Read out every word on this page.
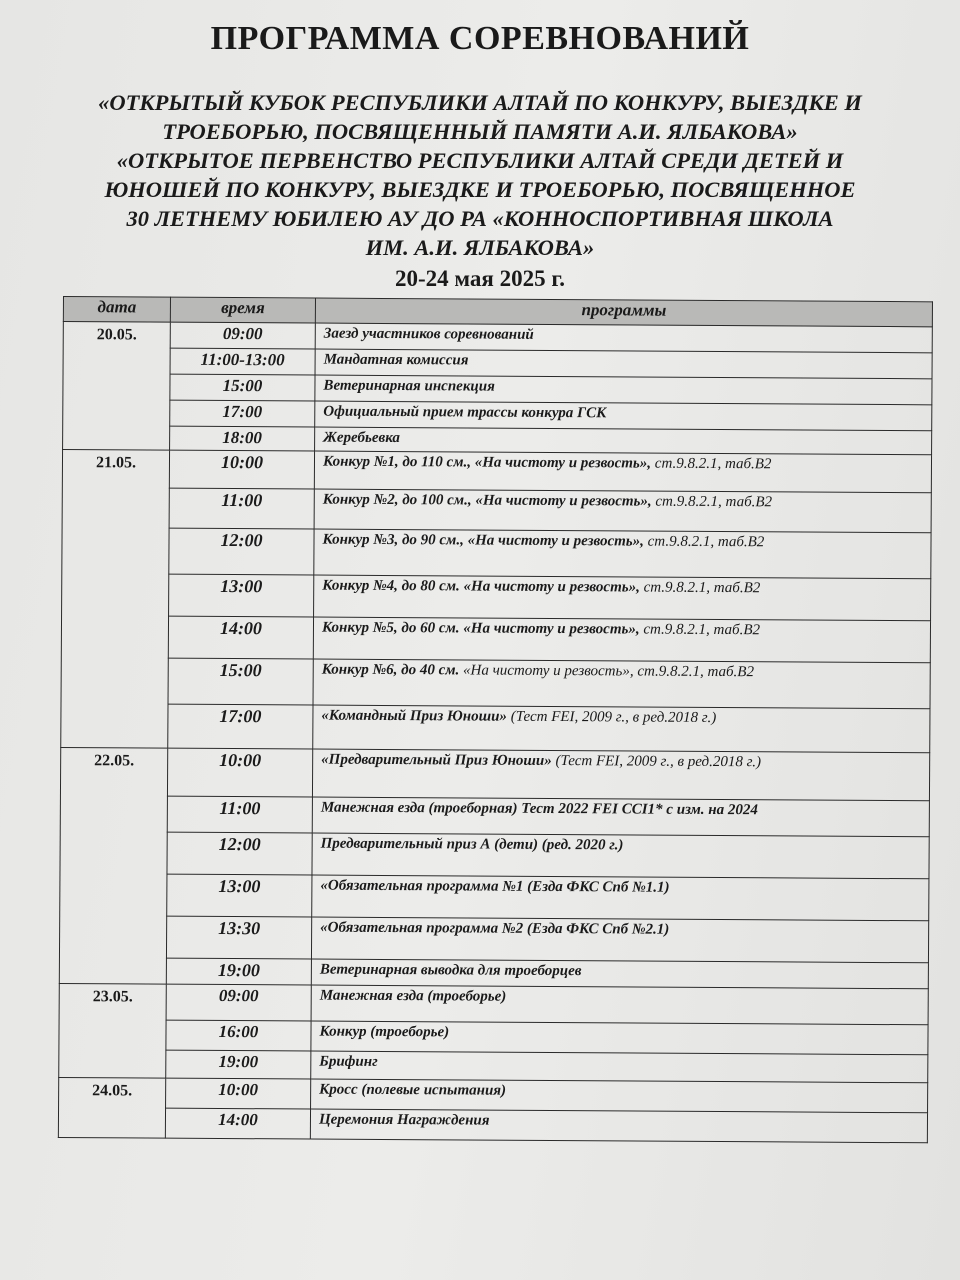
ПРОГРАММА СОРЕВНОВАНИЙ
«ОТКРЫТЫЙ КУБОК РЕСПУБЛИКИ АЛТАЙ ПО КОНКУРУ, ВЫЕЗДКЕ И
ТРОЕБОРЬЮ, ПОСВЯЩЕННЫЙ ПАМЯТИ А.И. ЯЛБАКОВА»
«ОТКРЫТОЕ ПЕРВЕНСТВО РЕСПУБЛИКИ АЛТАЙ СРЕДИ ДЕТЕЙ И
ЮНОШЕЙ ПО КОНКУРУ, ВЫЕЗДКЕ И ТРОЕБОРЬЮ, ПОСВЯЩЕННОЕ
30 ЛЕТНЕМУ ЮБИЛЕЮ АУ ДО РА «КОННОСПОРТИВНАЯ ШКОЛА
ИМ. А.И. ЯЛБАКОВА»
20-24 мая 2025 г.
дата	время	программы
20.05.	09:00	Заезд участников соревнований
	11:00-13:00	Мандатная комиссия
	15:00	Ветеринарная инспекция
	17:00	Официальный прием трассы конкура ГСК
	18:00	Жеребьевка
21.05.	10:00	Конкур №1, до 110 см., «На чистоту и резвость», ст.9.8.2.1, таб.В2
	11:00	Конкур №2, до 100 см., «На чистоту и резвость», ст.9.8.2.1, таб.В2
	12:00	Конкур №3, до 90 см., «На чистоту и резвость», ст.9.8.2.1, таб.В2
	13:00	Конкур №4, до 80 см. «На чистоту и резвость», ст.9.8.2.1, таб.В2
	14:00	Конкур №5, до 60 см. «На чистоту и резвость», ст.9.8.2.1, таб.В2
	15:00	Конкур №6, до 40 см. «На чистоту и резвость», ст.9.8.2.1, таб.В2
	17:00	«Командный Приз Юноши» (Тест FEI, 2009 г., в ред.2018 г.)
22.05.	10:00	«Предварительный Приз Юноши» (Тест FEI, 2009 г., в ред.2018 г.)
	11:00	Манежная езда (троеборная) Тест 2022 FEI CCI1* с изм. на 2024
	12:00	Предварительный приз А (дети) (ред. 2020 г.)
	13:00	«Обязательная программа №1 (Езда ФКС Спб №1.1)
	13:30	«Обязательная программа №2 (Езда ФКС Спб №2.1)
	19:00	Ветеринарная выводка для троеборцев
23.05.	09:00	Манежная езда (троеборье)
	16:00	Конкур (троеборье)
	19:00	Брифинг
24.05.	10:00	Кросс (полевые испытания)
	14:00	Церемония Награждения
